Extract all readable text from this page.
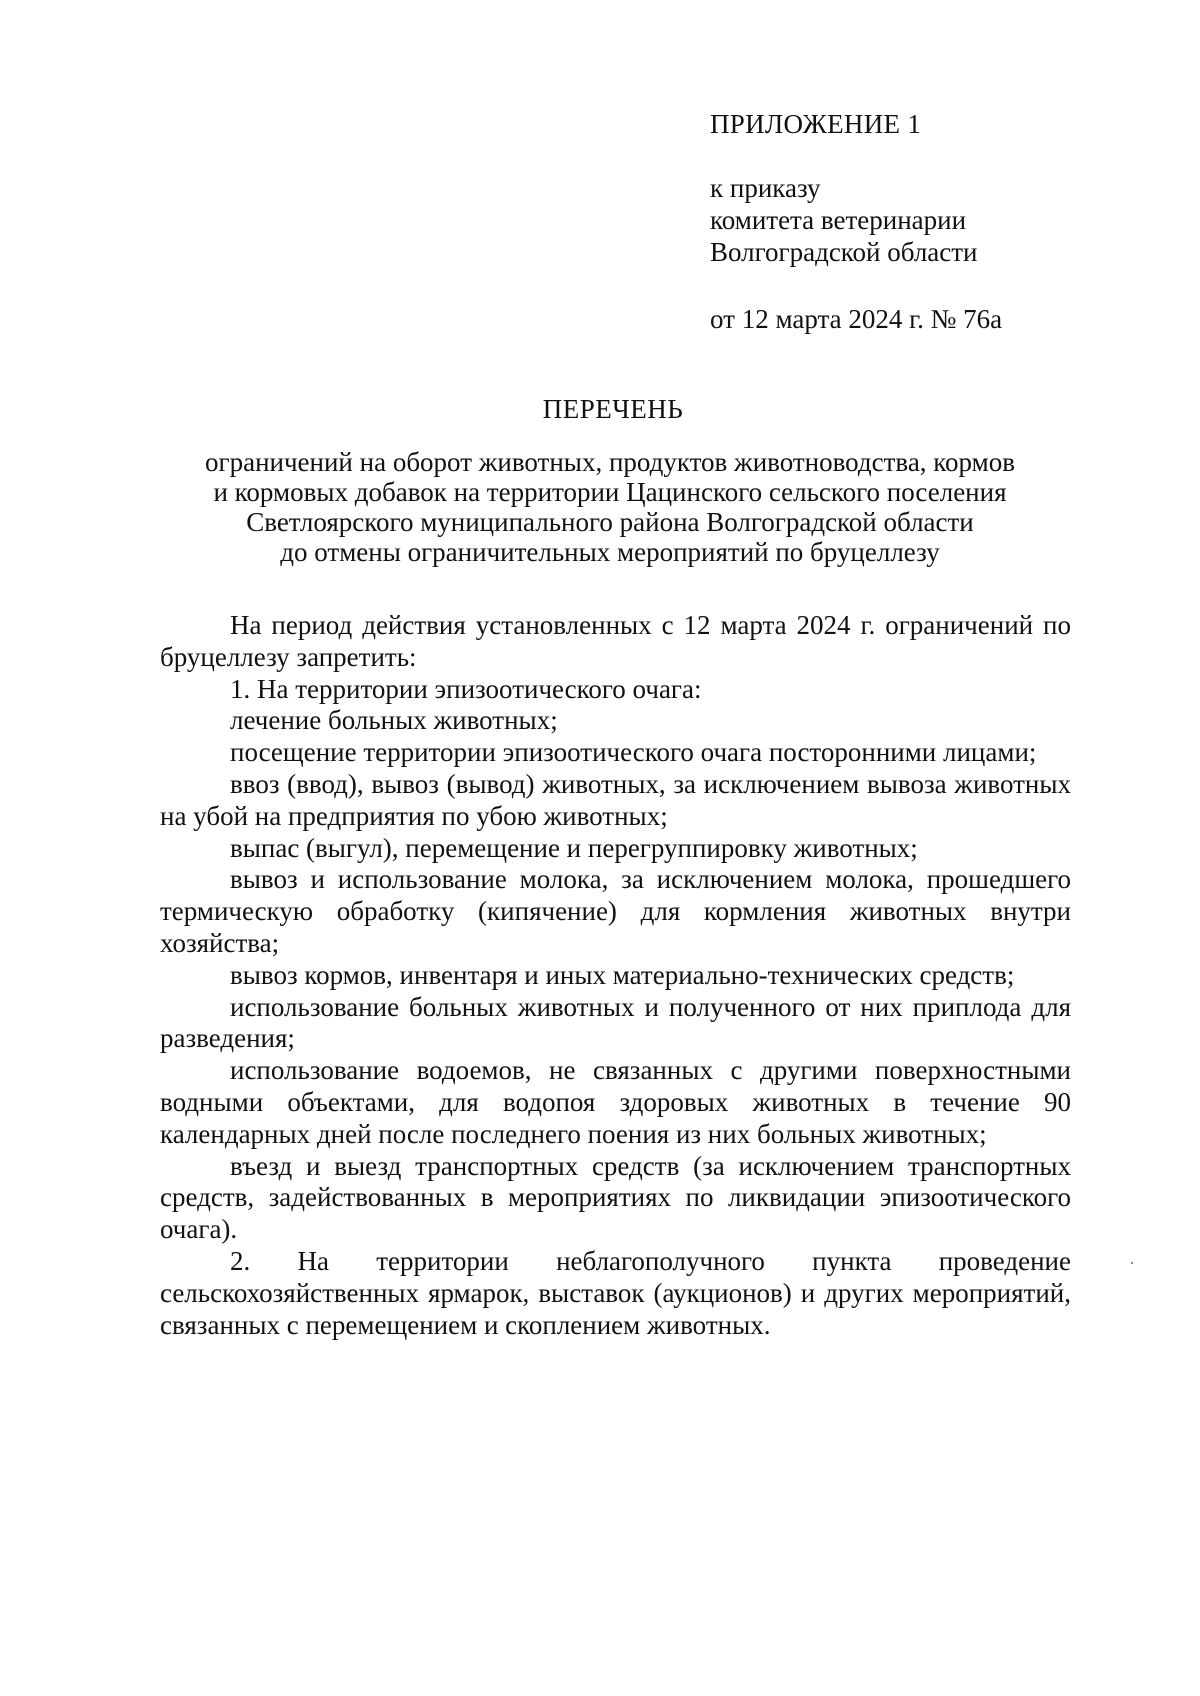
ПРИЛОЖЕНИЕ 1
к приказу
комитета ветеринарии
Волгоградской области
от 12 марта 2024 г. № 76а
ПЕРЕЧЕНЬ
ограничений на оборот животных, продуктов животноводства, кормов
и кормовых добавок на территории Цацинского сельского поселения
Светлоярского муниципального района Волгоградской области
до отмены ограничительных мероприятий по бруцеллезу

На период действия установленных с 12 марта 2024 г. ограничений по бруцеллезу запретить:

1. На территории эпизоотического очага:

лечение больных животных;

посещение территории эпизоотического очага посторонними лицами;

ввоз (ввод), вывоз (вывод) животных, за исключением вывоза животных на убой на предприятия по убою животных;

выпас (выгул), перемещение и перегруппировку животных;

вывоз и использование молока, за исключением молока, прошедшего термическую обработку (кипячение) для кормления животных внутри хозяйства;

вывоз кормов, инвентаря и иных материально-технических средств;

использование больных животных и полученного от них приплода для разведения;

использование водоемов, не связанных с другими поверхностными водными объектами, для водопоя здоровых животных в течение 90 календарных дней после последнего поения из них больных животных;

въезд и выезд транспортных средств (за исключением транспортных средств, задействованных в мероприятиях по ликвидации эпизоотического очага).

2. На территории неблагополучного пункта проведение сельскохозяйственных ярмарок, выставок (аукционов) и других мероприятий, связанных с перемещением и скоплением животных.
